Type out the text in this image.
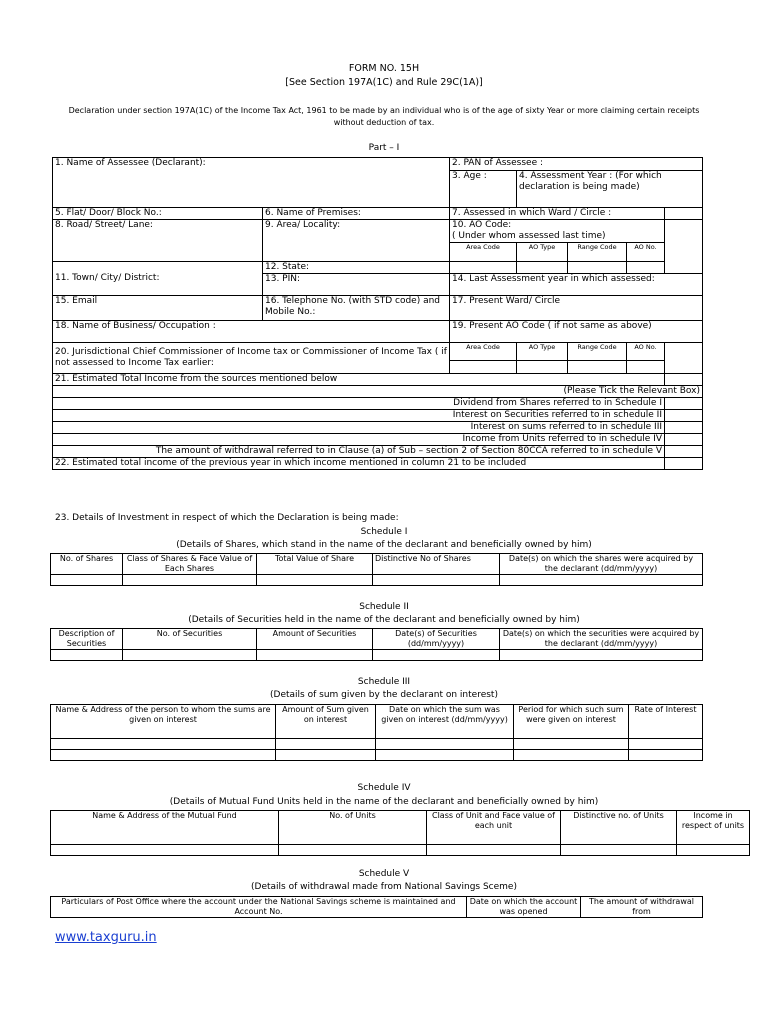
FORM NO. 15H
[See Section 197A(1C) and Rule 29C(1A)]
Declaration under section 197A(1C) of the Income Tax Act, 1961 to be made by an individual who is of the age of sixty Year or more claiming certain receipts without deduction of tax.
Part – I
1. Name of Assessee (Declarant):		2. PAN of Assessee :				
		3. Age :	4. Assessment Year : (For which declaration is being made)			
5. Flat/ Door/ Block No.:	6. Name of Premises:	7. Assessed in which Ward / Circle :				
8. Road/ Street/ Lane:	9. Area/ Locality:	10. AO Code:
( Under whom assessed last time)				

		Area Code	AO Type	Range Code	AO No.	
11. Town/ City/ District:	12. State:					
	13. PIN:	14. Last Assessment year in which assessed:				
15. Email	16. Telephone No. (with STD code) and Mobile No.:	17. Present Ward/ Circle				
18. Name of Business/ Occupation :		19. Present AO Code ( if not same as above)				
20. Jurisdictional Chief Commissioner of Income tax or Commissioner of Income Tax ( if not assessed to Income Tax earlier:		Area Code	AO Type	Range Code	AO No.	

21. Estimated Total Income from the sources mentioned below						
(Please Tick the Relevant Box)						
Dividend from Shares referred to in Schedule I						
Interest on Securities referred to in schedule II						
Interest on sums referred to in schedule III						
Income from Units referred to in schedule IV						
The amount of withdrawal referred to in Clause (a) of Sub – section 2 of Section 80CCA referred to in schedule V						
22. Estimated total income of the previous year in which income mentioned in column 21 to be included						
23. Details of Investment in respect of which the Declaration is being made:
Schedule I
(Details of Shares, which stand in the name of the declarant and beneficially owned by him)
No. of Shares	Class of Shares & Face Value of Each Shares	Total Value of Share	Distinctive No of Shares	Date(s) on which the shares were acquired by the declarant (dd/mm/yyyy)

Schedule II
(Details of Securities held in the name of the declarant and beneficially owned by him)
Description of Securities	No. of Securities	Amount of Securities	Date(s) of Securities (dd/mm/yyyy)	Date(s) on which the securities were acquired by the declarant (dd/mm/yyyy)

Schedule III
(Details of sum given by the declarant on interest)
Name & Address of the person to whom the sums are given on interest	Amount of Sum given on interest	Date on which the sum was given on interest (dd/mm/yyyy)	Period for which such sum were given on interest	Rate of Interest

Schedule IV
(Details of Mutual Fund Units held in the name of the declarant and beneficially owned by him)
Name & Address of the Mutual Fund	No. of Units	Class of Unit and Face value of each unit	Distinctive no. of Units	Income in respect of units

Schedule V
(Details of withdrawal made from National Savings Sceme)
Particulars of Post Office where the account under the National Savings scheme is maintained and Account No.	Date on which the account was opened	The amount of withdrawal from
www.taxguru.in
